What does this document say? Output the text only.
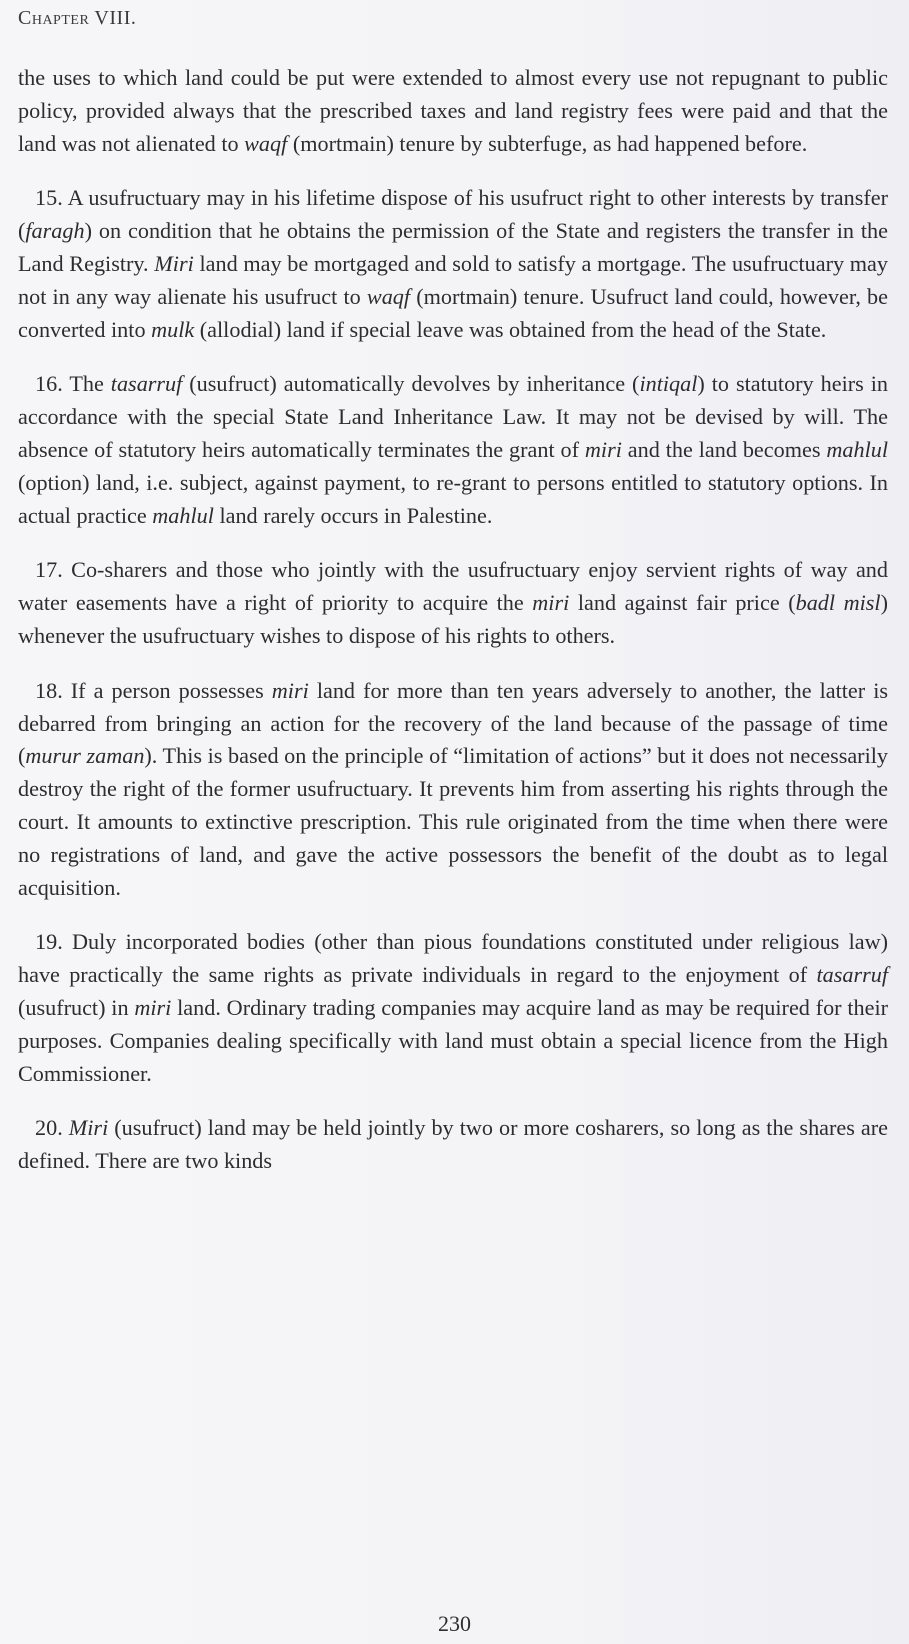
Chapter VIII.

the uses to which land could be put were extended to almost every use not repugnant to public policy, provided always that the prescribed taxes and land registry fees were paid and that the land was not alienated to waqf (mortmain) tenure by subterfuge, as had happened before.

15. A usufructuary may in his lifetime dispose of his usufruct right to other interests by transfer (faragh) on condition that he obtains the permission of the State and registers the transfer in the Land Registry. Miri land may be mortgaged and sold to satisfy a mortgage. The usufructuary may not in any way alienate his usufruct to waqf (mortmain) tenure. Usufruct land could, however, be converted into mulk (allodial) land if special leave was obtained from the head of the State.

16. The tasarruf (usufruct) automatically devolves by inheritance (intiqal) to statutory heirs in accordance with the special State Land Inheritance Law. It may not be devised by will. The absence of statutory heirs automatically terminates the grant of miri and the land becomes mahlul (option) land, i.e. subject, against payment, to re-grant to persons entitled to statutory options. In actual practice mahlul land rarely occurs in Palestine.

17. Co-sharers and those who jointly with the usufructuary enjoy servient rights of way and water easements have a right of priority to acquire the miri land against fair price (badl misl) whenever the usufructuary wishes to dispose of his rights to others.

18. If a person possesses miri land for more than ten years adversely to another, the latter is debarred from bringing an action for the recovery of the land because of the passage of time (murur zaman). This is based on the principle of “limitation of actions” but it does not necessarily destroy the right of the former usufructuary. It prevents him from asserting his rights through the court. It amounts to extinctive prescription. This rule originated from the time when there were no registrations of land, and gave the active possessors the benefit of the doubt as to legal acquisition.

19. Duly incorporated bodies (other than pious foundations constituted under religious law) have practically the same rights as private individuals in regard to the enjoyment of tasarruf (usufruct) in miri land. Ordinary trading companies may acquire land as may be required for their purposes. Companies dealing specifically with land must obtain a special licence from the High Commissioner.

20. Miri (usufruct) land may be held jointly by two or more cosharers, so long as the shares are defined. There are two kinds

230
